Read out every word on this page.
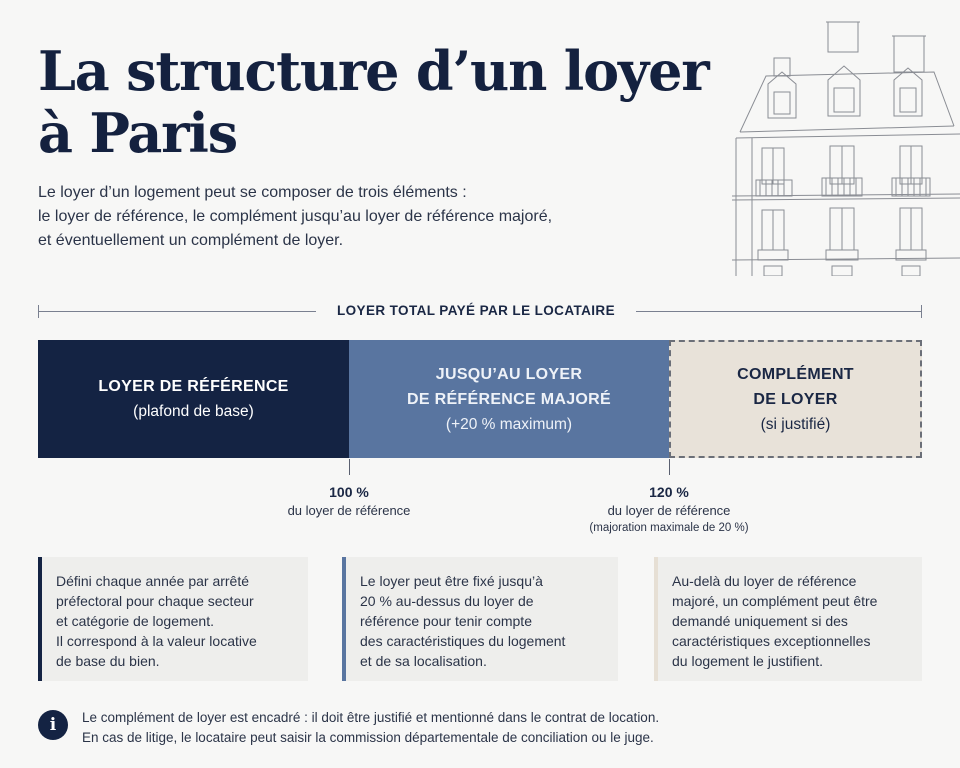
La structure d’un loyer
à Paris
Le loyer d’un logement peut se composer de trois éléments :
le loyer de référence, le complément jusqu’au loyer de référence majoré,
et éventuellement un complément de loyer.
LOYER TOTAL PAYÉ PAR LE LOCATAIRE
LOYER DE RÉFÉRENCE
(plafond de base)
JUSQU’AU LOYER
DE RÉFÉRENCE MAJORÉ
(+20 % maximum)
COMPLÉMENT
DE LOYER
(si justifié)
100 %
du loyer de référence
120 %
du loyer de référence
(majoration maximale de 20 %)
Défini chaque année par arrêté
préfectoral pour chaque secteur
et catégorie de logement.
Il correspond à la valeur locative
de base du bien.
Le loyer peut être fixé jusqu’à
20 % au-dessus du loyer de
référence pour tenir compte
des caractéristiques du logement
et de sa localisation.
Au-delà du loyer de référence
majoré, un complément peut être
demandé uniquement si des
caractéristiques exceptionnelles
du logement le justifient.
i	Le complément de loyer est encadré : il doit être justifié et mentionné dans le contrat de location.
En cas de litige, le locataire peut saisir la commission départementale de conciliation ou le juge.
